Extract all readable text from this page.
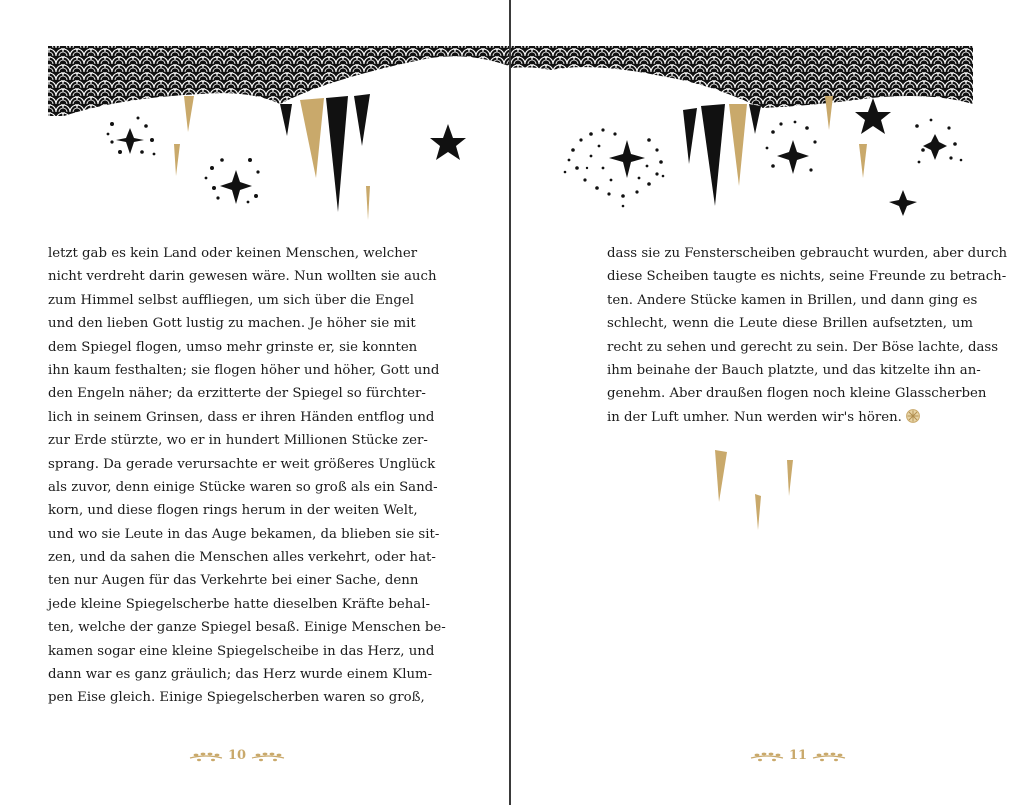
letzt gab es kein Land oder keinen Menschen, welcher
nicht verdreht darin gewesen wäre. Nun wollten sie auch
zum Himmel selbst auffliegen, um sich über die Engel
und den lieben Gott lustig zu machen. Je höher sie mit
dem Spiegel flogen, umso mehr grinste er, sie konnten
ihn kaum festhalten; sie flogen höher und höher, Gott und
den Engeln näher; da erzitterte der Spiegel so fürchter-
lich in seinem Grinsen, dass er ihren Händen entflog und
zur Erde stürzte, wo er in hundert Millionen Stücke zer-
sprang. Da gerade verursachte er weit größeres Unglück
als zuvor, denn einige Stücke waren so groß als ein Sand-
korn, und diese flogen rings herum in der weiten Welt,
und wo sie Leute in das Auge bekamen, da blieben sie sit-
zen, und da sahen die Menschen alles verkehrt, oder hat-
ten nur Augen für das Verkehrte bei einer Sache, denn
jede kleine Spiegelscherbe hatte dieselben Kräfte behal-
ten, welche der ganze Spiegel besaß. Einige Menschen be-
kamen sogar eine kleine Spiegelscheibe in das Herz, und
dann war es ganz gräulich; das Herz wurde einem Klum-
pen Eise gleich. Einige Spiegelscherben waren so groß,
10
dass sie zu Fensterscheiben gebraucht wurden, aber durch
diese Scheiben taugte es nichts, seine Freunde zu betrach-
ten. Andere Stücke kamen in Brillen, und dann ging es
schlecht, wenn die Leute diese Brillen aufsetzten, um
recht zu sehen und gerecht zu sein. Der Böse lachte, dass
ihm beinahe der Bauch platzte, und das kitzelte ihn an-
genehm. Aber draußen flogen noch kleine Glasscherben
in der Luft umher. Nun werden wir's hören.
11
